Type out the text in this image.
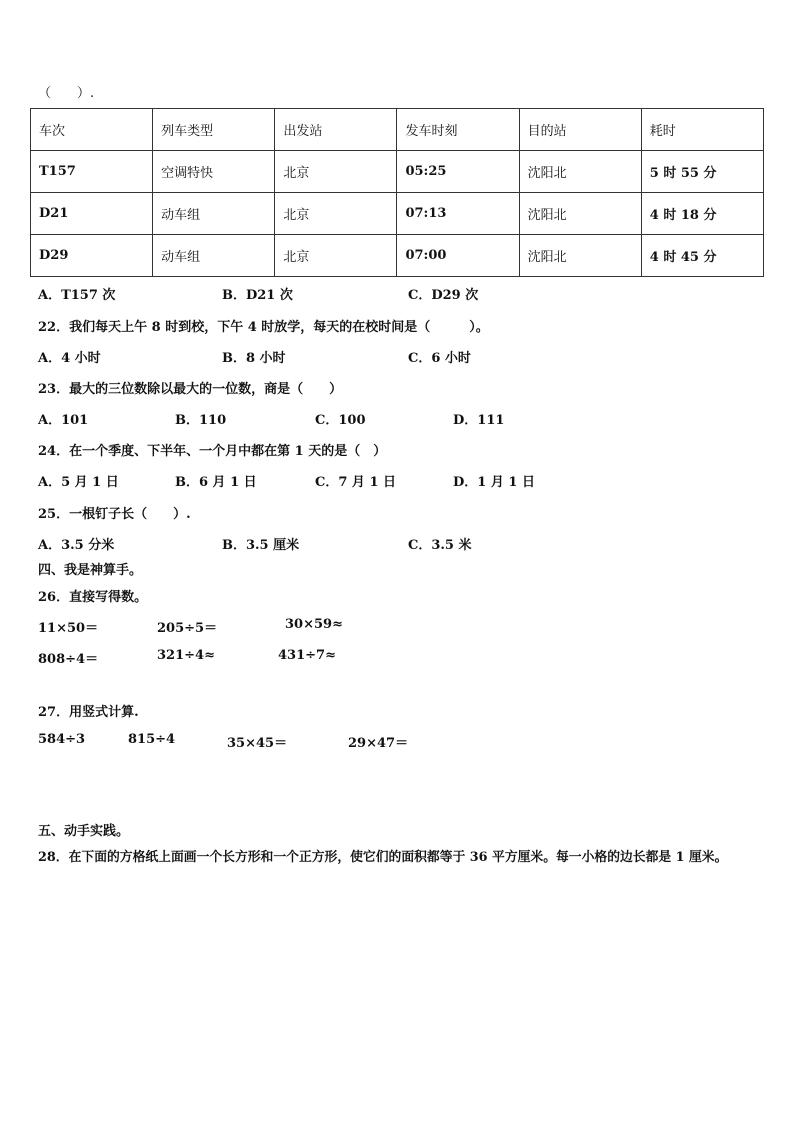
（　　）.
车次	列车类型	出发站	发车时刻	目的站	耗时
T157	空调特快	北京	05:25	沈阳北	5 时 55 分
D21	动车组	北京	07:13	沈阳北	4 时 18 分
D29	动车组	北京	07:00	沈阳北	4 时 45 分
A．T157 次	B．D21 次	C．D29 次
22．我们每天上午 8 时到校，下午 4 时放学，每天的在校时间是（　　　）。
A．4 小时	B．8 小时	C．6 小时
23．最大的三位数除以最大的一位数，商是（　　）
A．101	B．110	C．100	D．111
24．在一个季度、下半年、一个月中都在第 1 天的是（　）
A．5 月 1 日	B．6 月 1 日	C．7 月 1 日	D．1 月 1 日
25．一根钉子长（　　）.
A．3.5 分米	B．3.5 厘米	C．3.5 米
四、我是神算手。
26．直接写得数。
11×50＝	205÷5＝	30×59≈
808÷4＝	321÷4≈	431÷7≈
27．用竖式计算.
584÷3	815÷4	35×45＝	29×47＝
五、动手实践。
28．在下面的方格纸上面画一个长方形和一个正方形，使它们的面积都等于 36 平方厘米。每一小格的边长都是 1 厘米。
